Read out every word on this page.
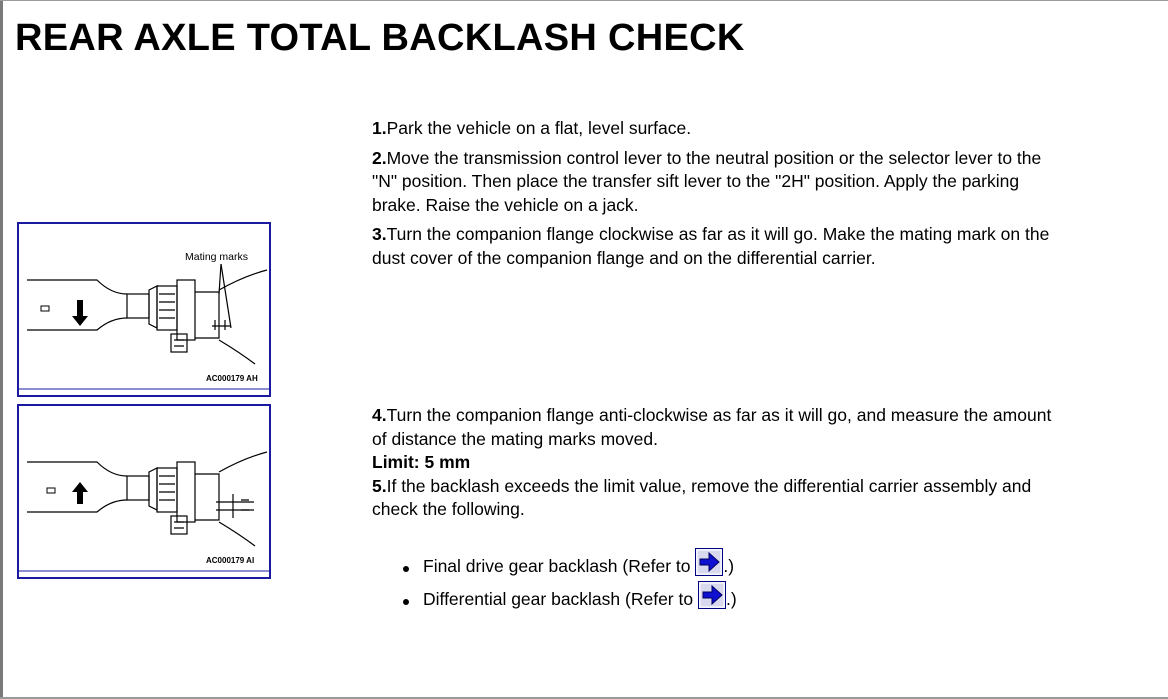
REAR AXLE TOTAL BACKLASH CHECK
Mating marks
AC000179 AH
AC000179 AI

1.Park the vehicle on a flat, level surface.

2.Move the transmission control lever to the neutral position or the selector lever to the "N" position. Then place the transfer sift lever to the "2H" position. Apply the parking brake. Raise the vehicle on a jack.

3.Turn the companion flange clockwise as far as it will go. Make the mating mark on the dust cover of the companion flange and on the differential carrier.

4.Turn the companion flange anti-clockwise as far as it will go, and measure the amount of distance the mating marks moved.

Limit: 5 mm

5.If the backlash exceeds the limit value, remove the differential carrier assembly and check the following.

Final drive gear backlash (Refer to
.)
Differential gear backlash (Refer to
.)
